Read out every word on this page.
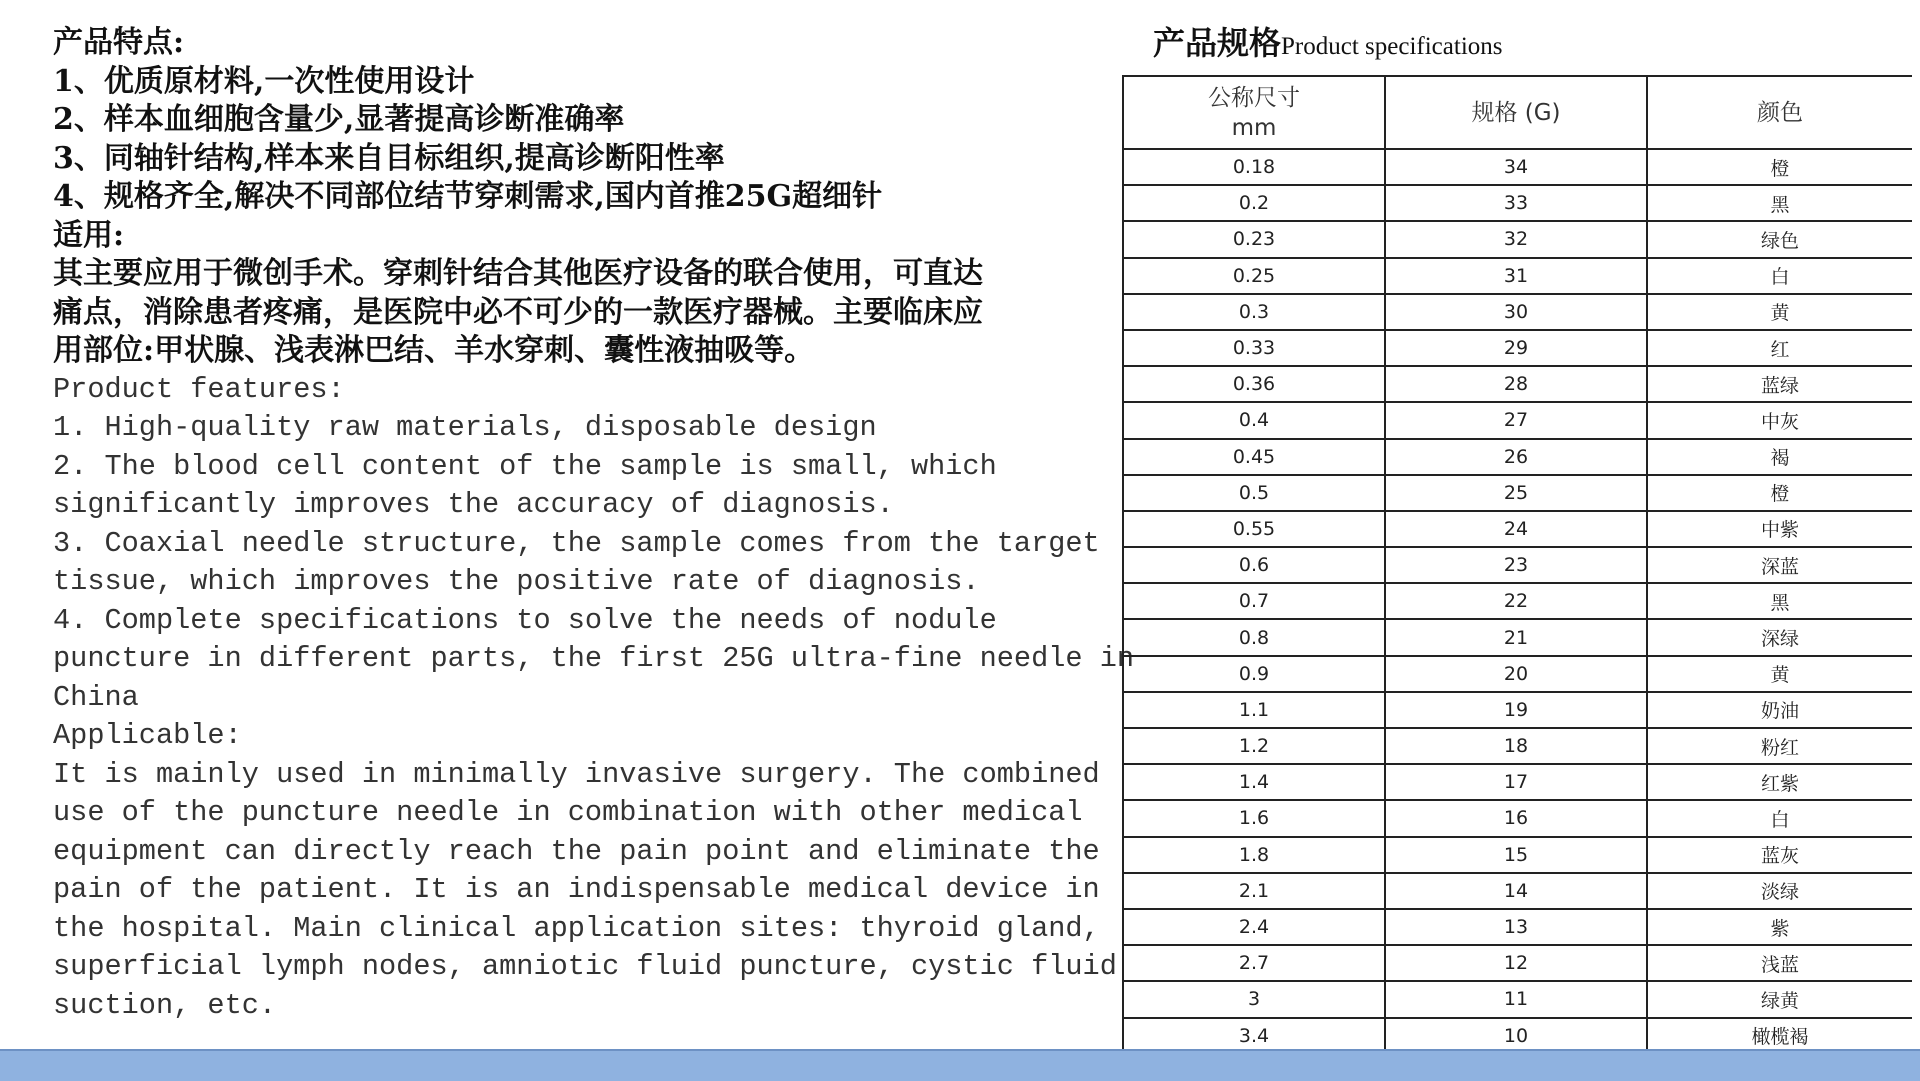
产品特点:
1、优质原材料,一次性使用设计
2、样本血细胞含量少,显著提高诊断准确率
3、同轴针结构,样本来自目标组织,提高诊断阳性率
4、规格齐全,解决不同部位结节穿刺需求,国内首推25G超细针
适用:
其主要应用于微创手术。穿刺针结合其他医疗设备的联合使用，可直达
痛点，消除患者疼痛，是医院中必不可少的一款医疗器械。主要临床应
用部位:甲状腺、浅表淋巴结、羊水穿刺、囊性液抽吸等。
Product features:
1. High-quality raw materials, disposable design
2. The blood cell content of the sample is small, which
significantly improves the accuracy of diagnosis.
3. Coaxial needle structure, the sample comes from the target
tissue, which improves the positive rate of diagnosis.
4. Complete specifications to solve the needs of nodule
puncture in different parts, the first 25G ultra-fine needle in
China
Applicable:
It is mainly used in minimally invasive surgery. The combined
use of the puncture needle in combination with other medical
equipment can directly reach the pain point and eliminate the
pain of the patient. It is an indispensable medical device in
the hospital. Main clinical application sites: thyroid gland,
superficial lymph nodes, amniotic fluid puncture, cystic fluid
suction, etc.
产品规格Product specifications
公称尺寸
mm	规格 (G)	颜色
0.18	34	橙
0.2	33	黑
0.23	32	绿色
0.25	31	白
0.3	30	黄
0.33	29	红
0.36	28	蓝绿
0.4	27	中灰
0.45	26	褐
0.5	25	橙
0.55	24	中紫
0.6	23	深蓝
0.7	22	黑
0.8	21	深绿
0.9	20	黄
1.1	19	奶油
1.2	18	粉红
1.4	17	红紫
1.6	16	白
1.8	15	蓝灰
2.1	14	淡绿
2.4	13	紫
2.7	12	浅蓝
3	11	绿黄
3.4	10	橄榄褐
